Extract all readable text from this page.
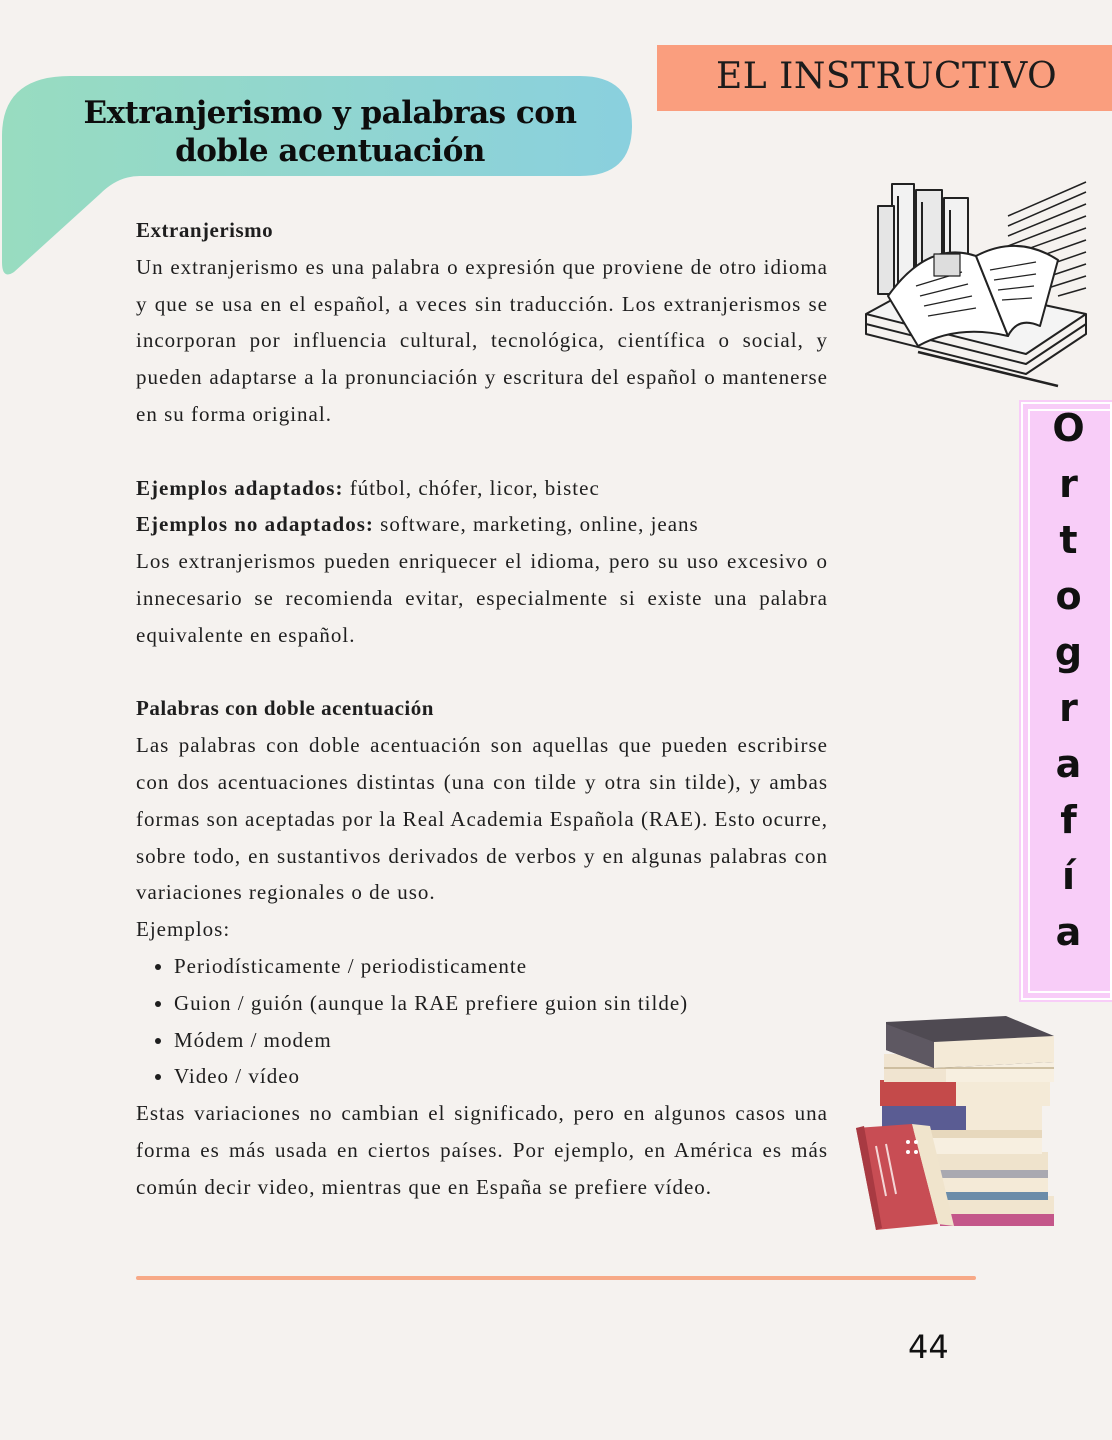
EL INSTRUCTIVO
Extranjerismo y palabras con
doble acentuación

Extranjerismo

Un extranjerismo es una palabra o expresión que proviene de otro idioma y que se usa en el español, a veces sin traducción. Los extranjerismos se incorporan por influencia cultural, tecnológica, científica o social, y pueden adaptarse a la pronunciación y escritura del español o mantenerse en su forma original.

Ejemplos adaptados: fútbol, chófer, licor, bistec

Ejemplos no adaptados: software, marketing, online, jeans

Los extranjerismos pueden enriquecer el idioma, pero su uso excesivo o innecesario se recomienda evitar, especialmente si existe una palabra equivalente en español.

Palabras con doble acentuación

Las palabras con doble acentuación son aquellas que pueden escribirse con dos acentuaciones distintas (una con tilde y otra sin tilde), y ambas formas son aceptadas por la Real Academia Española (RAE). Esto ocurre, sobre todo, en sustantivos derivados de verbos y en algunas palabras con variaciones regionales o de uso.

Ejemplos:

• Periodísticamente / periodisticamente
• Guion / guión (aunque la RAE prefiere guion sin tilde)
• Módem / modem
• Video / vídeo

Estas variaciones no cambian el significado, pero en algunos casos una forma es más usada en ciertos países. Por ejemplo, en América es más común decir video, mientras que en España se prefiere vídeo.

O
r
t
o
g
r
a
f
í
a
44
